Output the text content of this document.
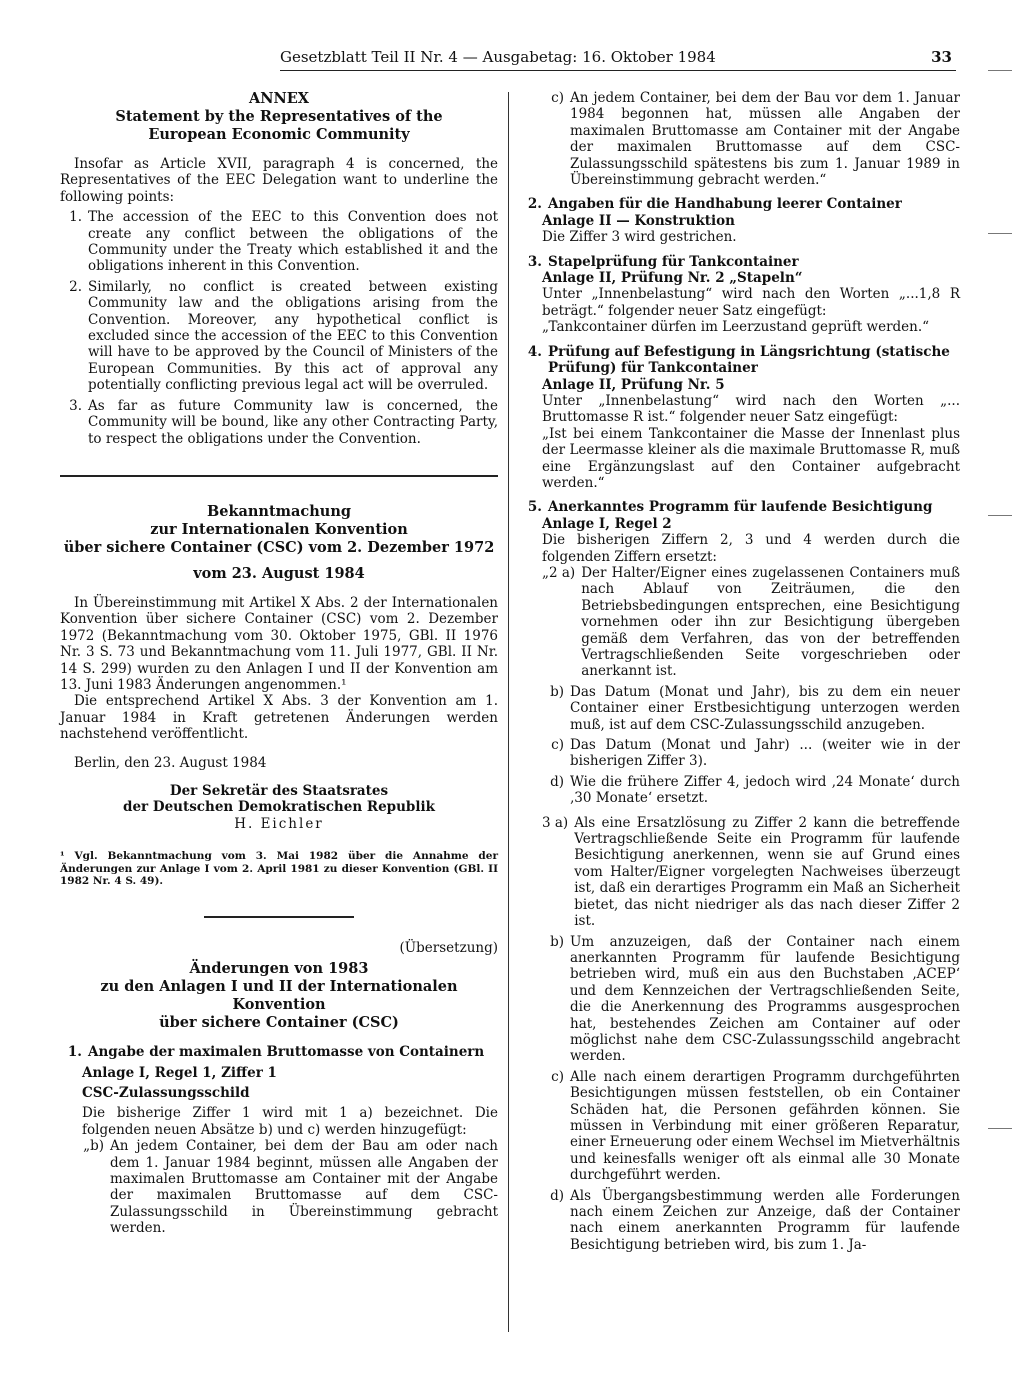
Gesetzblatt Teil II Nr. 4 — Ausgabetag: 16. Oktober 1984	33
ANNEX
Statement by the Representatives of the
European Economic Community
Insofar as Article XVII, paragraph 4 is concerned, the Representatives of the EEC Delegation want to underline the following points:
1. The accession of the EEC to this Convention does not create any conflict between the obligations of the Community under the Treaty which established it and the obligations inherent in this Convention.
2. Similarly, no conflict is created between existing Community law and the obligations arising from the Convention. Moreover, any hypothetical conflict is excluded since the accession of the EEC to this Convention will have to be approved by the Council of Ministers of the European Communities. By this act of approval any potentially conflicting previous legal act will be overruled.
3. As far as future Community law is concerned, the Community will be bound, like any other Contracting Party, to respect the obligations under the Convention.
Bekanntmachung
zur Internationalen Konvention
über sichere Container (CSC) vom 2. Dezember 1972
vom 23. August 1984
In Übereinstimmung mit Artikel X Abs. 2 der Internationalen Konvention über sichere Container (CSC) vom 2. Dezember 1972 (Bekanntmachung vom 30. Oktober 1975, GBl. II 1976 Nr. 3 S. 73 und Bekanntmachung vom 11. Juli 1977, GBl. II Nr. 14 S. 299) wurden zu den Anlagen I und II der Konvention am 13. Juni 1983 Änderungen angenommen.¹
Die entsprechend Artikel X Abs. 3 der Konvention am 1. Januar 1984 in Kraft getretenen Änderungen werden nachstehend veröffentlicht.
Berlin, den 23. August 1984
Der Sekretär des Staatsrates
der Deutschen Demokratischen Republik
H. Eichler
¹ Vgl. Bekanntmachung vom 3. Mai 1982 über die Annahme der Änderungen zur Anlage I vom 2. April 1981 zu dieser Konvention (GBl. II 1982 Nr. 4 S. 49).
(Übersetzung)
Änderungen von 1983
zu den Anlagen I und II der Internationalen Konvention
über sichere Container (CSC)
1. Angabe der maximalen Bruttomasse von Containern
Anlage I, Regel 1, Ziffer 1
CSC-Zulassungsschild
Die bisherige Ziffer 1 wird mit 1 a) bezeichnet. Die folgenden neuen Absätze b) und c) werden hinzugefügt:
„b) An jedem Container, bei dem der Bau am oder nach dem 1. Januar 1984 beginnt, müssen alle Angaben der maximalen Bruttomasse am Container mit der Angabe der maximalen Bruttomasse auf dem CSC-Zulassungsschild in Übereinstimmung gebracht werden.
c) An jedem Container, bei dem der Bau vor dem 1. Januar 1984 begonnen hat, müssen alle Angaben der maximalen Bruttomasse am Container mit der Angabe der maximalen Bruttomasse auf dem CSC-Zulassungsschild spätestens bis zum 1. Januar 1989 in Übereinstimmung gebracht werden.“
2. Angaben für die Handhabung leerer Container
Anlage II — Konstruktion
Die Ziffer 3 wird gestrichen.
3. Stapelprüfung für Tankcontainer
Anlage II, Prüfung Nr. 2 „Stapeln“
Unter „Innenbelastung“ wird nach den Worten „...1,8 R beträgt.“ folgender neuer Satz eingefügt:
„Tankcontainer dürfen im Leerzustand geprüft werden.“
4. Prüfung auf Befestigung in Längsrichtung (statische Prüfung) für Tankcontainer
Anlage II, Prüfung Nr. 5
Unter „Innenbelastung“ wird nach den Worten „... Bruttomasse R ist.“ folgender neuer Satz eingefügt:
„Ist bei einem Tankcontainer die Masse der Innenlast plus der Leermasse kleiner als die maximale Bruttomasse R, muß eine Ergänzungslast auf den Container aufgebracht werden.“
5. Anerkanntes Programm für laufende Besichtigung
Anlage I, Regel 2
Die bisherigen Ziffern 2, 3 und 4 werden durch die folgenden Ziffern ersetzt:
„2 a) Der Halter/Eigner eines zugelassenen Containers muß nach Ablauf von Zeiträumen, die den Betriebsbedingungen entsprechen, eine Besichtigung vornehmen oder ihn zur Besichtigung übergeben gemäß dem Verfahren, das von der betreffenden Vertragschließenden Seite vorgeschrieben oder anerkannt ist.
b) Das Datum (Monat und Jahr), bis zu dem ein neuer Container einer Erstbesichtigung unterzogen werden muß, ist auf dem CSC-Zulassungsschild anzugeben.
c) Das Datum (Monat und Jahr) ... (weiter wie in der bisherigen Ziffer 3).
d) Wie die frühere Ziffer 4, jedoch wird ‚24 Monate‘ durch ‚30 Monate‘ ersetzt.
3 a) Als eine Ersatzlösung zu Ziffer 2 kann die betreffende Vertragschließende Seite ein Programm für laufende Besichtigung anerkennen, wenn sie auf Grund eines vom Halter/Eigner vorgelegten Nachweises überzeugt ist, daß ein derartiges Programm ein Maß an Sicherheit bietet, das nicht niedriger als das nach dieser Ziffer 2 ist.
b) Um anzuzeigen, daß der Container nach einem anerkannten Programm für laufende Besichtigung betrieben wird, muß ein aus den Buchstaben ‚ACEP‘ und dem Kennzeichen der Vertragschließenden Seite, die die Anerkennung des Programms ausgesprochen hat, bestehendes Zeichen am Container auf oder möglichst nahe dem CSC-Zulassungsschild angebracht werden.
c) Alle nach einem derartigen Programm durchgeführten Besichtigungen müssen feststellen, ob ein Container Schäden hat, die Personen gefährden können. Sie müssen in Verbindung mit einer größeren Reparatur, einer Erneuerung oder einem Wechsel im Mietverhältnis und keinesfalls weniger oft als einmal alle 30 Monate durchgeführt werden.
d) Als Übergangsbestimmung werden alle Forderungen nach einem Zeichen zur Anzeige, daß der Container nach einem anerkannten Programm für laufende Besichtigung betrieben wird, bis zum 1. Ja-
